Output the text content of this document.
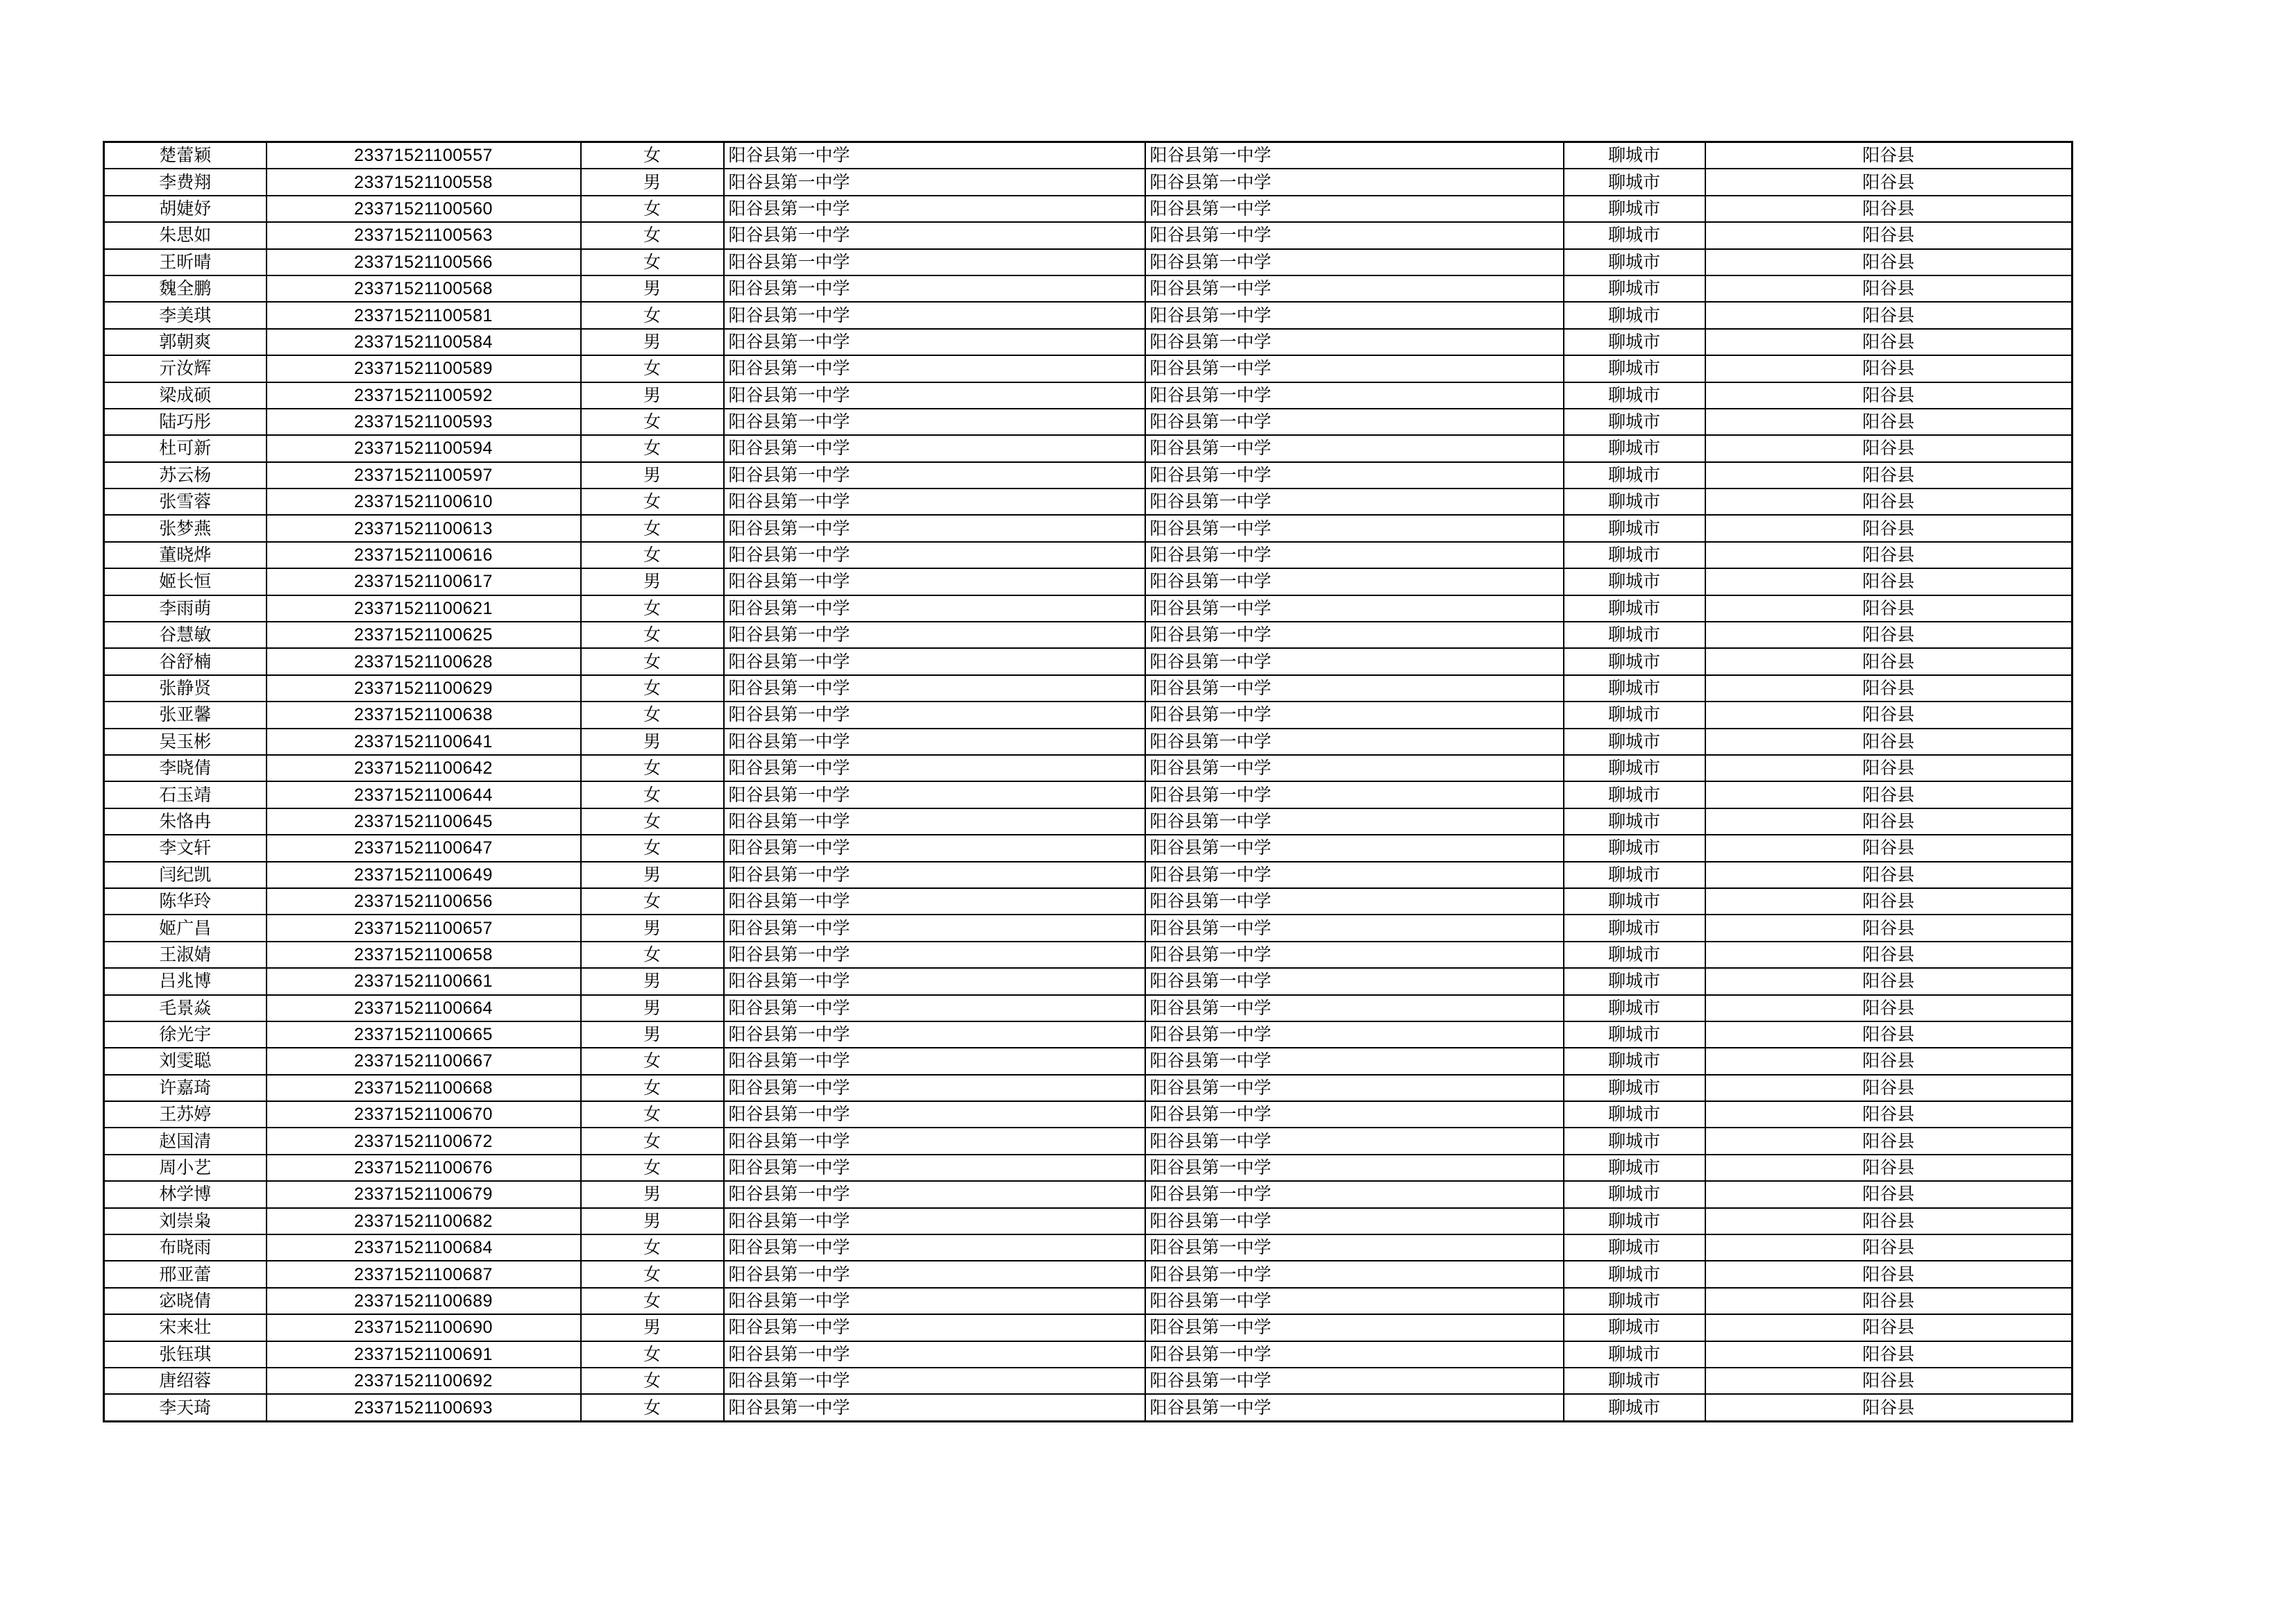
楚蕾颖	23371521100557	女	阳谷县第一中学	阳谷县第一中学	聊城市	阳谷县
李费翔	23371521100558	男	阳谷县第一中学	阳谷县第一中学	聊城市	阳谷县
胡婕妤	23371521100560	女	阳谷县第一中学	阳谷县第一中学	聊城市	阳谷县
朱思如	23371521100563	女	阳谷县第一中学	阳谷县第一中学	聊城市	阳谷县
王昕晴	23371521100566	女	阳谷县第一中学	阳谷县第一中学	聊城市	阳谷县
魏全鹏	23371521100568	男	阳谷县第一中学	阳谷县第一中学	聊城市	阳谷县
李美琪	23371521100581	女	阳谷县第一中学	阳谷县第一中学	聊城市	阳谷县
郭朝爽	23371521100584	男	阳谷县第一中学	阳谷县第一中学	聊城市	阳谷县
亓汝辉	23371521100589	女	阳谷县第一中学	阳谷县第一中学	聊城市	阳谷县
梁成硕	23371521100592	男	阳谷县第一中学	阳谷县第一中学	聊城市	阳谷县
陆巧彤	23371521100593	女	阳谷县第一中学	阳谷县第一中学	聊城市	阳谷县
杜可新	23371521100594	女	阳谷县第一中学	阳谷县第一中学	聊城市	阳谷县
苏云杨	23371521100597	男	阳谷县第一中学	阳谷县第一中学	聊城市	阳谷县
张雪蓉	23371521100610	女	阳谷县第一中学	阳谷县第一中学	聊城市	阳谷县
张梦燕	23371521100613	女	阳谷县第一中学	阳谷县第一中学	聊城市	阳谷县
董晓烨	23371521100616	女	阳谷县第一中学	阳谷县第一中学	聊城市	阳谷县
姬长恒	23371521100617	男	阳谷县第一中学	阳谷县第一中学	聊城市	阳谷县
李雨萌	23371521100621	女	阳谷县第一中学	阳谷县第一中学	聊城市	阳谷县
谷慧敏	23371521100625	女	阳谷县第一中学	阳谷县第一中学	聊城市	阳谷县
谷舒楠	23371521100628	女	阳谷县第一中学	阳谷县第一中学	聊城市	阳谷县
张静贤	23371521100629	女	阳谷县第一中学	阳谷县第一中学	聊城市	阳谷县
张亚馨	23371521100638	女	阳谷县第一中学	阳谷县第一中学	聊城市	阳谷县
吴玉彬	23371521100641	男	阳谷县第一中学	阳谷县第一中学	聊城市	阳谷县
李晓倩	23371521100642	女	阳谷县第一中学	阳谷县第一中学	聊城市	阳谷县
石玉靖	23371521100644	女	阳谷县第一中学	阳谷县第一中学	聊城市	阳谷县
朱恪冉	23371521100645	女	阳谷县第一中学	阳谷县第一中学	聊城市	阳谷县
李文轩	23371521100647	女	阳谷县第一中学	阳谷县第一中学	聊城市	阳谷县
闫纪凯	23371521100649	男	阳谷县第一中学	阳谷县第一中学	聊城市	阳谷县
陈华玲	23371521100656	女	阳谷县第一中学	阳谷县第一中学	聊城市	阳谷县
姬广昌	23371521100657	男	阳谷县第一中学	阳谷县第一中学	聊城市	阳谷县
王淑婧	23371521100658	女	阳谷县第一中学	阳谷县第一中学	聊城市	阳谷县
吕兆博	23371521100661	男	阳谷县第一中学	阳谷县第一中学	聊城市	阳谷县
毛景焱	23371521100664	男	阳谷县第一中学	阳谷县第一中学	聊城市	阳谷县
徐光宇	23371521100665	男	阳谷县第一中学	阳谷县第一中学	聊城市	阳谷县
刘雯聪	23371521100667	女	阳谷县第一中学	阳谷县第一中学	聊城市	阳谷县
许嘉琦	23371521100668	女	阳谷县第一中学	阳谷县第一中学	聊城市	阳谷县
王苏婷	23371521100670	女	阳谷县第一中学	阳谷县第一中学	聊城市	阳谷县
赵国清	23371521100672	女	阳谷县第一中学	阳谷县第一中学	聊城市	阳谷县
周小艺	23371521100676	女	阳谷县第一中学	阳谷县第一中学	聊城市	阳谷县
林学博	23371521100679	男	阳谷县第一中学	阳谷县第一中学	聊城市	阳谷县
刘崇枭	23371521100682	男	阳谷县第一中学	阳谷县第一中学	聊城市	阳谷县
布晓雨	23371521100684	女	阳谷县第一中学	阳谷县第一中学	聊城市	阳谷县
邢亚蕾	23371521100687	女	阳谷县第一中学	阳谷县第一中学	聊城市	阳谷县
宓晓倩	23371521100689	女	阳谷县第一中学	阳谷县第一中学	聊城市	阳谷县
宋来壮	23371521100690	男	阳谷县第一中学	阳谷县第一中学	聊城市	阳谷县
张钰琪	23371521100691	女	阳谷县第一中学	阳谷县第一中学	聊城市	阳谷县
唐绍蓉	23371521100692	女	阳谷县第一中学	阳谷县第一中学	聊城市	阳谷县
李天琦	23371521100693	女	阳谷县第一中学	阳谷县第一中学	聊城市	阳谷县
